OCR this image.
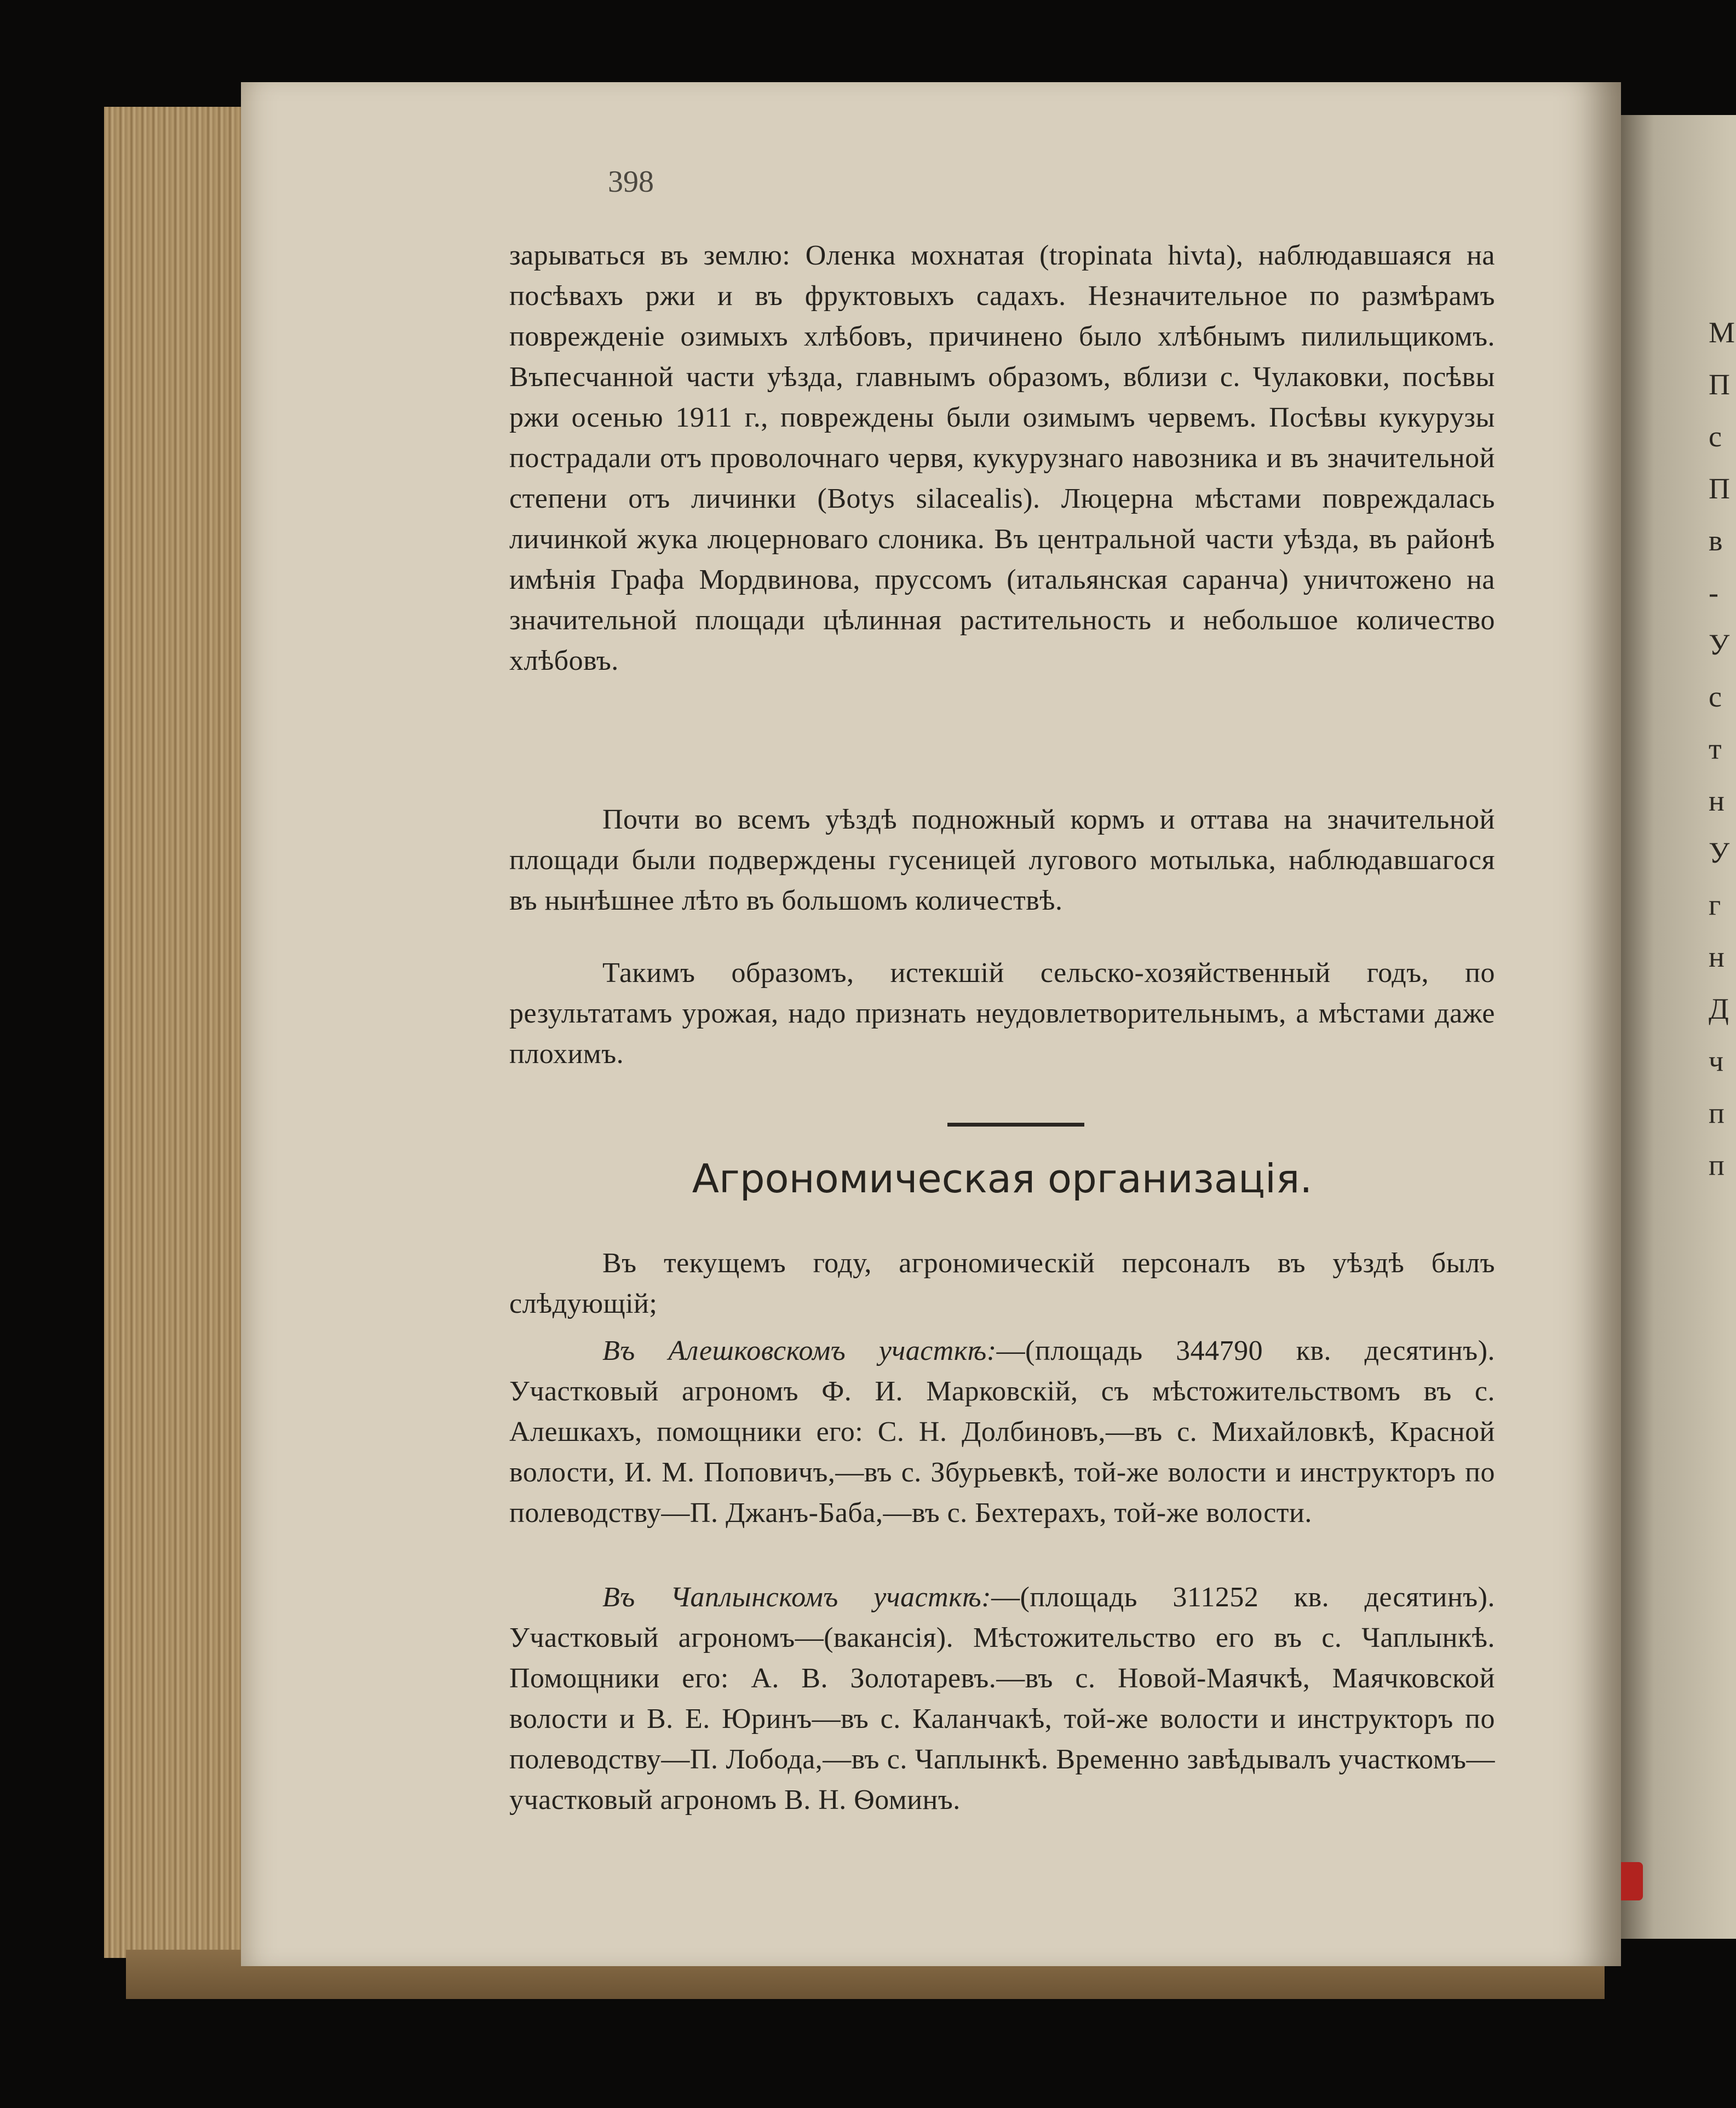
М
П
с
П
в
-
У
с
т
н
У
г
н
Д
ч
п
п
398

зарываться въ землю: Оленка мохнатая (tropinata hivta), наблюдавшаяся на посѣвахъ ржи и въ фруктовыхъ садахъ. Незначительное по размѣрамъ поврежденіе озимыхъ хлѣбовъ, причинено было хлѣбнымъ пилильщикомъ. Въпесчанной части уѣзда, главнымъ образомъ, вблизи с. Чулаковки, посѣвы ржи осенью 1911 г., повреждены были озимымъ червемъ. Посѣвы кукурузы пострадали отъ проволочнаго червя, кукурузнаго навозника и въ значительной степени отъ личинки (Botys silacealis). Люцерна мѣстами повреждалась личинкой жука люцерноваго слоника. Въ центральной части уѣзда, въ районѣ имѣнія Графа Мордвинова, пруссомъ (итальянская саранча) уничтожено на значительной площади цѣлинная растительность и небольшое количество хлѣбовъ.

Почти во всемъ уѣздѣ подножный кормъ и оттава на значительной площади были подверждены гусеницей лугового мотылька, наблюдавшагося въ нынѣшнее лѣто въ большомъ количествѣ.

Такимъ образомъ, истекшій сельско-хозяйственный годъ, по результатамъ урожая, надо признать неудовлетворительнымъ, а мѣстами даже плохимъ.

Агрономическая организація.

Въ текущемъ году, агрономическій персоналъ въ уѣздѣ былъ слѣдующій;

Въ Алешковскомъ участкѣ:—(площадь 344790 кв. десятинъ). Участковый агрономъ Ф. И. Марковскій, съ мѣстожительствомъ въ с. Алешкахъ, помощники его: С. Н. Долбиновъ,—въ с. Михайловкѣ, Красной волости, И. М. Поповичъ,—въ с. Збурьевкѣ, той-же волости и инструкторъ по полеводству—П. Джанъ-Баба,—въ с. Бехтерахъ, той-же волости.

Въ Чаплынскомъ участкѣ:—(площадь 311252 кв. десятинъ). Участковый агрономъ—(вакансія). Мѣстожительство его въ с. Чаплынкѣ. Помощники его: А. В. Золотаревъ.—въ с. Новой-Маячкѣ, Маячковской волости и В. Е. Юринъ—въ с. Каланчакѣ, той-же волости и инструкторъ по полеводству—П. Лобода,—въ с. Чаплынкѣ. Временно завѣдывалъ участкомъ—участковый агрономъ В. Н. Ѳоминъ.
